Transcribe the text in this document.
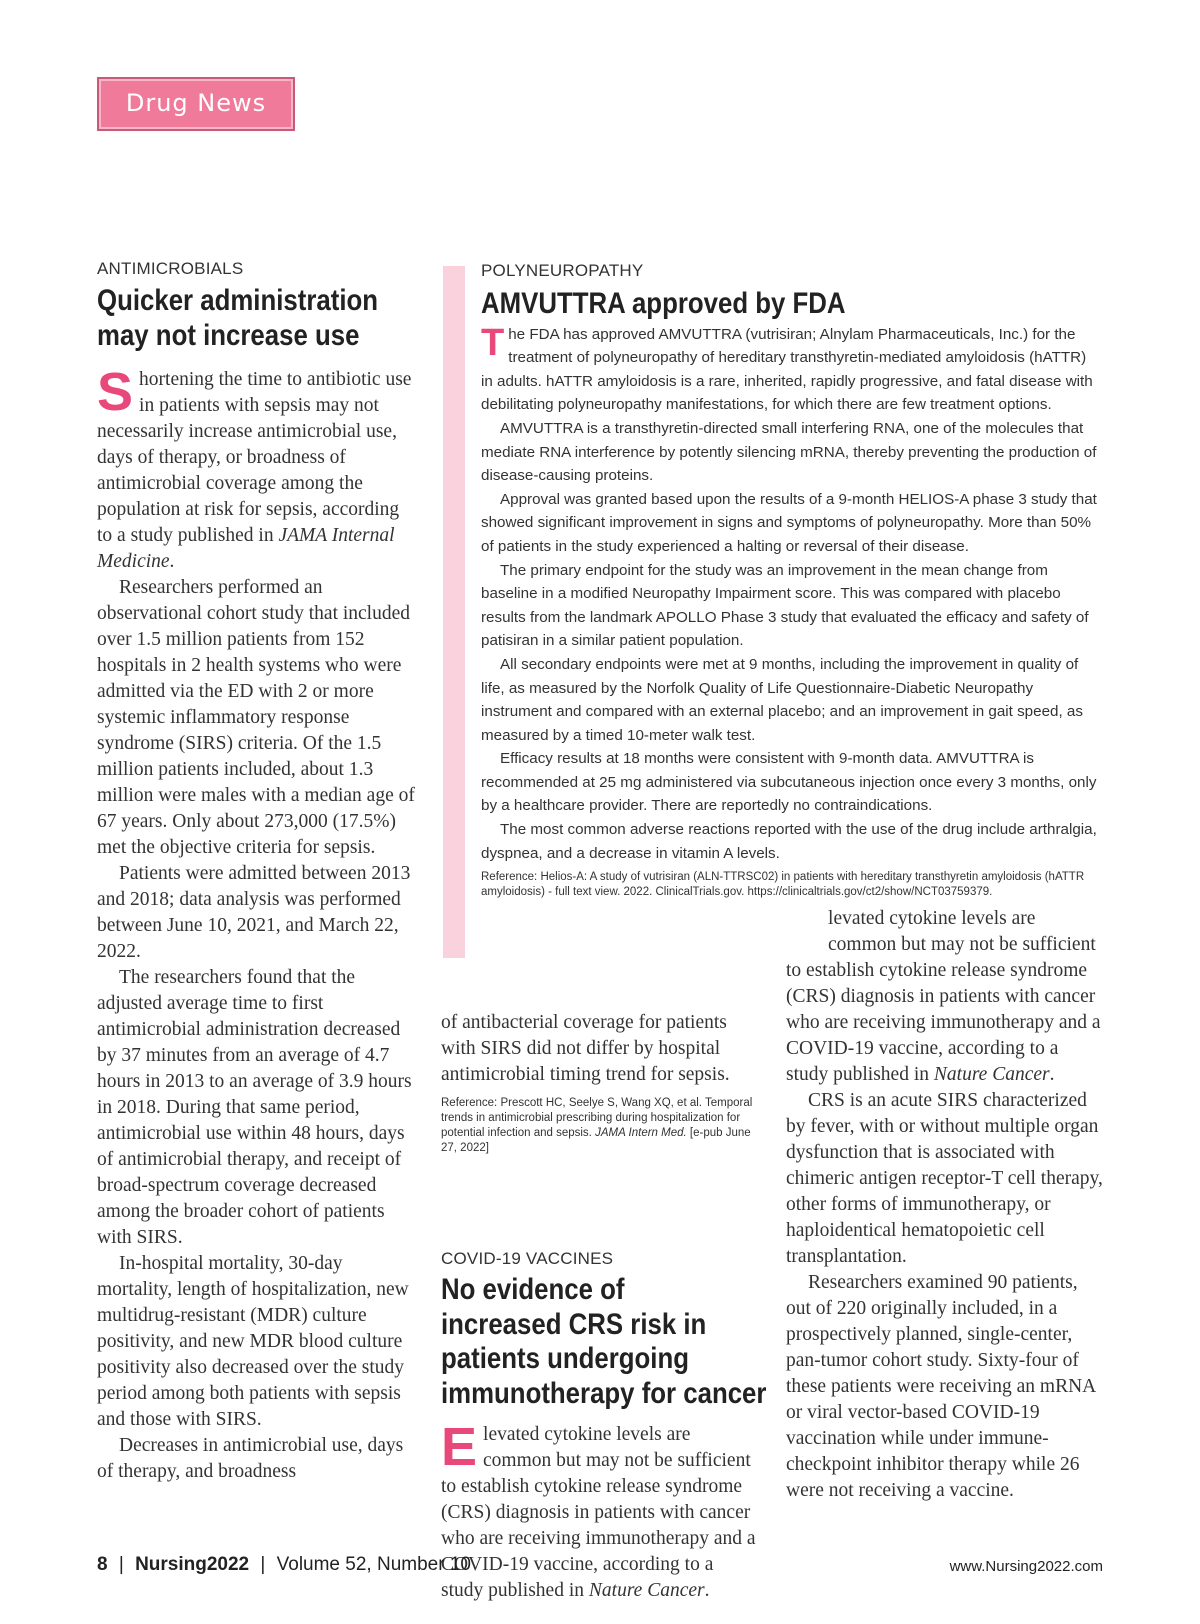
Drug News
ANTIMICROBIALS
Quicker administration
may not increase use

Shortening the time to antibiotic use in patients with sepsis may not necessarily increase antimicrobial use, days of therapy, or broadness of antimicrobial coverage among the population at risk for sepsis, according to a study published in JAMA Internal Medicine.

Researchers performed an observational cohort study that included over 1.5 million patients from 152 hospitals in 2 health systems who were admitted via the ED with 2 or more systemic inflammatory response syndrome (SIRS) criteria. Of the 1.5 million patients included, about 1.3 million were males with a median age of 67 years. Only about 273,000 (17.5%) met the objective criteria for sepsis.

Patients were admitted between 2013 and 2018; data analysis was performed between June 10, 2021, and March 22, 2022.

The researchers found that the adjusted average time to first antimicrobial administration decreased by 37 minutes from an average of 4.7 hours in 2013 to an average of 3.9 hours in 2018. During that same period, antimicrobial use within 48 hours, days of antimicrobial therapy, and receipt of broad-spectrum coverage decreased among the broader cohort of patients with SIRS.

In-hospital mortality, 30-day mortality, length of hospitalization, new multidrug-resistant (MDR) culture positivity, and new MDR blood culture positivity also decreased over the study period among both patients with sepsis and those with SIRS.

Decreases in antimicrobial use, days of therapy, and broadness

POLYNEUROPATHY
AMVUTTRA approved by FDA

The FDA has approved AMVUTTRA (vutrisiran; Alnylam Pharmaceuticals, Inc.) for the treatment of polyneuropathy of hereditary transthyretin-mediated amyloidosis (hATTR) in adults. hATTR amyloidosis is a rare, inherited, rapidly progressive, and fatal disease with debilitating polyneuropathy manifestations, for which there are few treatment options.

AMVUTTRA is a transthyretin-directed small interfering RNA, one of the molecules that mediate RNA interference by potently silencing mRNA, thereby preventing the production of disease-causing proteins.

Approval was granted based upon the results of a 9-month HELIOS-A phase 3 study that showed significant improvement in signs and symptoms of polyneuropathy. More than 50% of patients in the study experienced a halting or reversal of their disease.

The primary endpoint for the study was an improvement in the mean change from baseline in a modified Neuropathy Impairment score. This was compared with placebo results from the landmark APOLLO Phase 3 study that evaluated the efficacy and safety of patisiran in a similar patient population.

All secondary endpoints were met at 9 months, including the improvement in quality of life, as measured by the Norfolk Quality of Life Questionnaire-Diabetic Neuropathy instrument and compared with an external placebo; and an improvement in gait speed, as measured by a timed 10-meter walk test.

Efficacy results at 18 months were consistent with 9-month data. AMVUTTRA is recommended at 25 mg administered via subcutaneous injection once every 3 months, only by a healthcare provider. There are reportedly no contraindications.

The most common adverse reactions reported with the use of the drug include arthralgia, dyspnea, and a decrease in vitamin A levels.

Reference: Helios-A: A study of vutrisiran (ALN-TTRSC02) in patients with hereditary transthyretin amyloidosis (hATTR amyloidosis) - full text view. 2022. ClinicalTrials.gov. https://clinicaltrials.gov/ct2/show/NCT03759379.

of antibacterial coverage for patients with SIRS did not differ by hospital antimicrobial timing trend for sepsis.

Reference: Prescott HC, Seelye S, Wang XQ, et al. Temporal trends in antimicrobial prescribing during hospitalization for potential infection and sepsis. JAMA Intern Med. [e-pub June 27, 2022]
COVID-19 VACCINES
No evidence of
increased CRS risk in
patients undergoing
immunotherapy for cancer

Elevated cytokine levels are common but may not be sufficient to establish cytokine release syndrome (CRS) diagnosis in patients with cancer who are receiving immunotherapy and a COVID-19 vaccine, according to a study published in Nature Cancer.

levated cytokine levels are common but may not be sufficient to establish cytokine release syndrome (CRS) diagnosis in patients with cancer who are receiving immunotherapy and a COVID-19 vaccine, according to a study published in Nature Cancer.

CRS is an acute SIRS characterized by fever, with or without multiple organ dysfunction that is associated with chimeric antigen receptor-T cell therapy, other forms of immunotherapy, or haploidentical hematopoietic cell transplantation.

Researchers examined 90 patients, out of 220 originally included, in a prospectively planned, single-center, pan-tumor cohort study. Sixty-four of these patients were receiving an mRNA or viral vector-based COVID-19 vaccination while under immune-checkpoint inhibitor therapy while 26 were not receiving a vaccine.

8 | Nursing2022 | Volume 52, Number 10	www.Nursing2022.com
